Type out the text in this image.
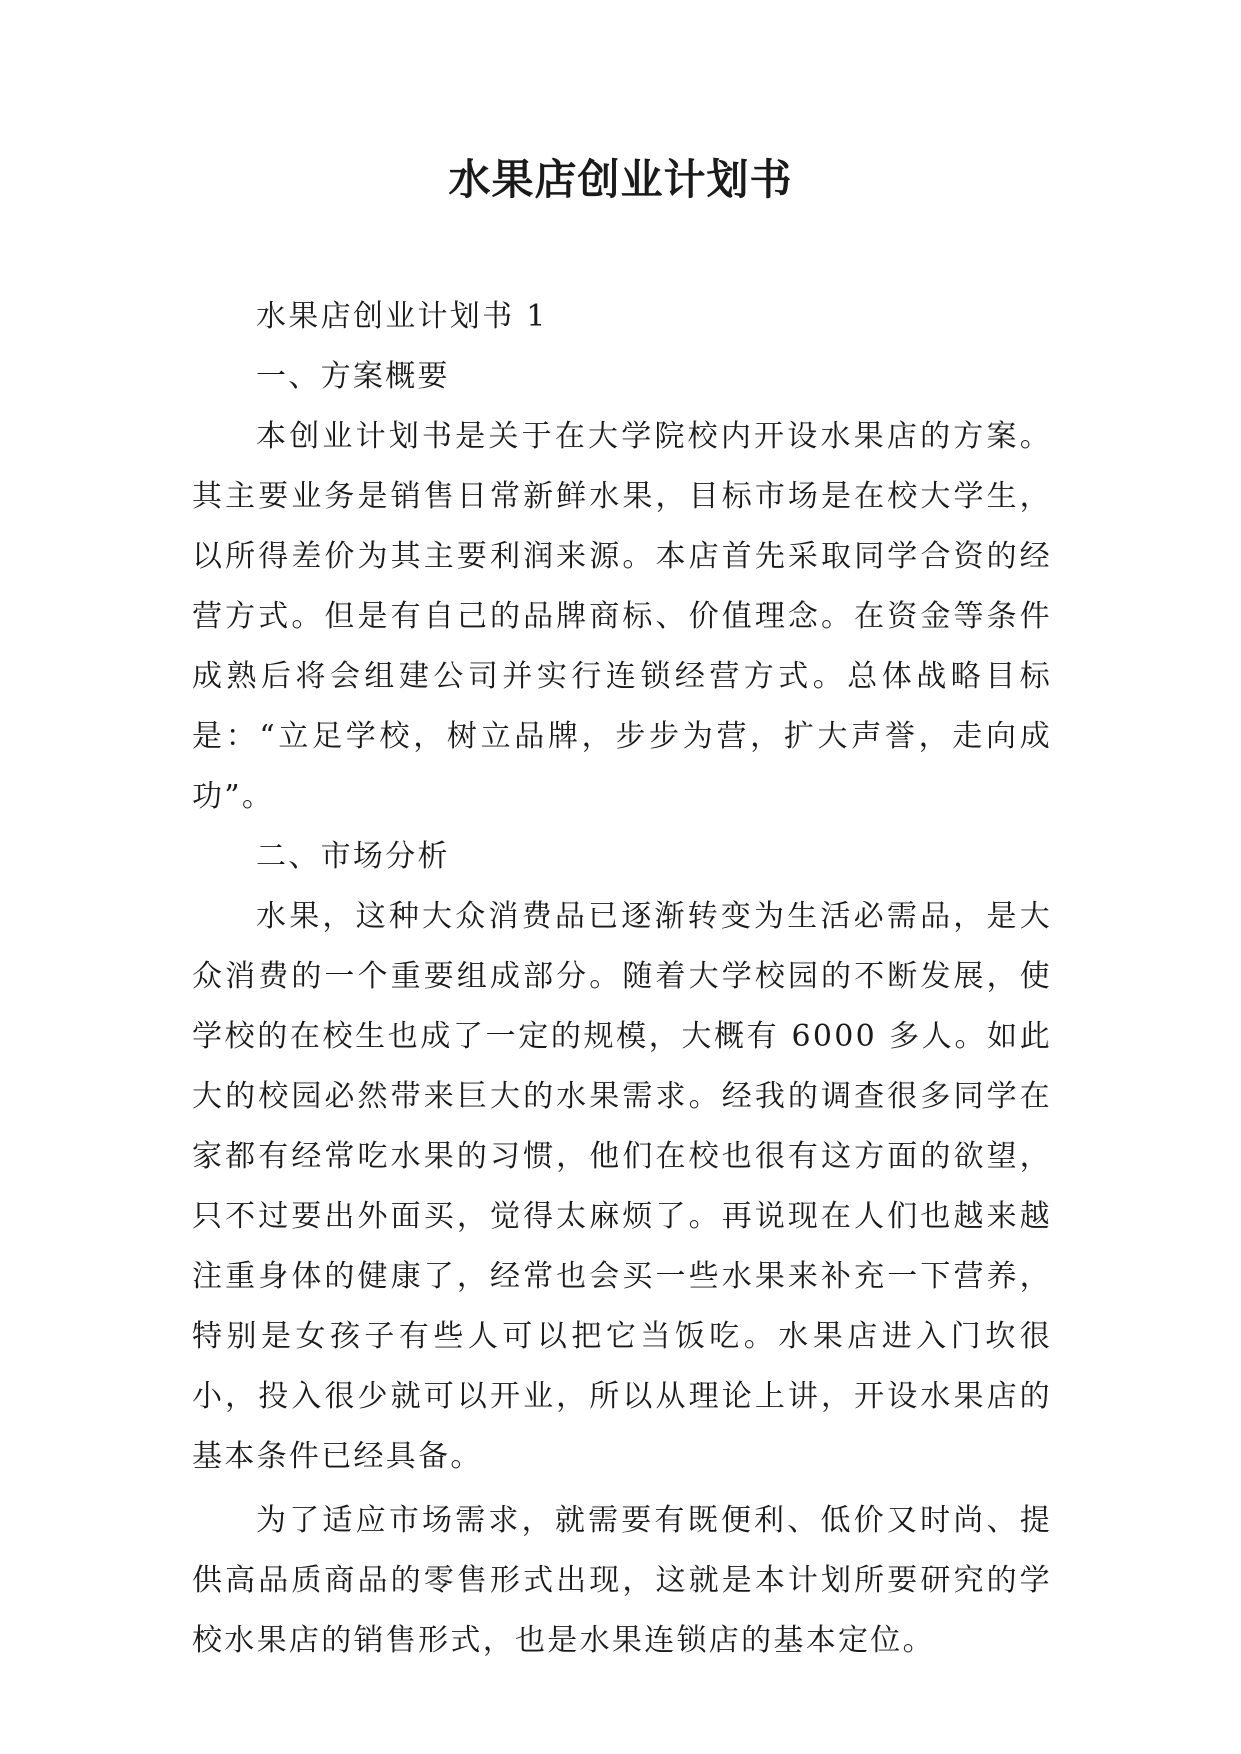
水果店创业计划书

水果店创业计划书 1

一、方案概要

本创业计划书是关于在大学院校内开设水果店的方案。其主要业务是销售日常新鲜水果，目标市场是在校大学生，以所得差价为其主要利润来源。本店首先采取同学合资的经营方式。但是有自己的品牌商标、价值理念。在资金等条件成熟后将会组建公司并实行连锁经营方式。总体战略目标是：“立足学校，树立品牌，步步为营，扩大声誉，走向成功”。

二、市场分析

水果，这种大众消费品已逐渐转变为生活必需品，是大众消费的一个重要组成部分。随着大学校园的不断发展，使学校的在校生也成了一定的规模，大概有 6000 多人。如此大的校园必然带来巨大的水果需求。经我的调查很多同学在家都有经常吃水果的习惯，他们在校也很有这方面的欲望，只不过要出外面买，觉得太麻烦了。再说现在人们也越来越注重身体的健康了，经常也会买一些水果来补充一下营养，特别是女孩子有些人可以把它当饭吃。水果店进入门坎很小，投入很少就可以开业，所以从理论上讲，开设水果店的基本条件已经具备。

为了适应市场需求，就需要有既便利、低价又时尚、提供高品质商品的零售形式出现，这就是本计划所要研究的学校水果店的销售形式，也是水果连锁店的基本定位。
